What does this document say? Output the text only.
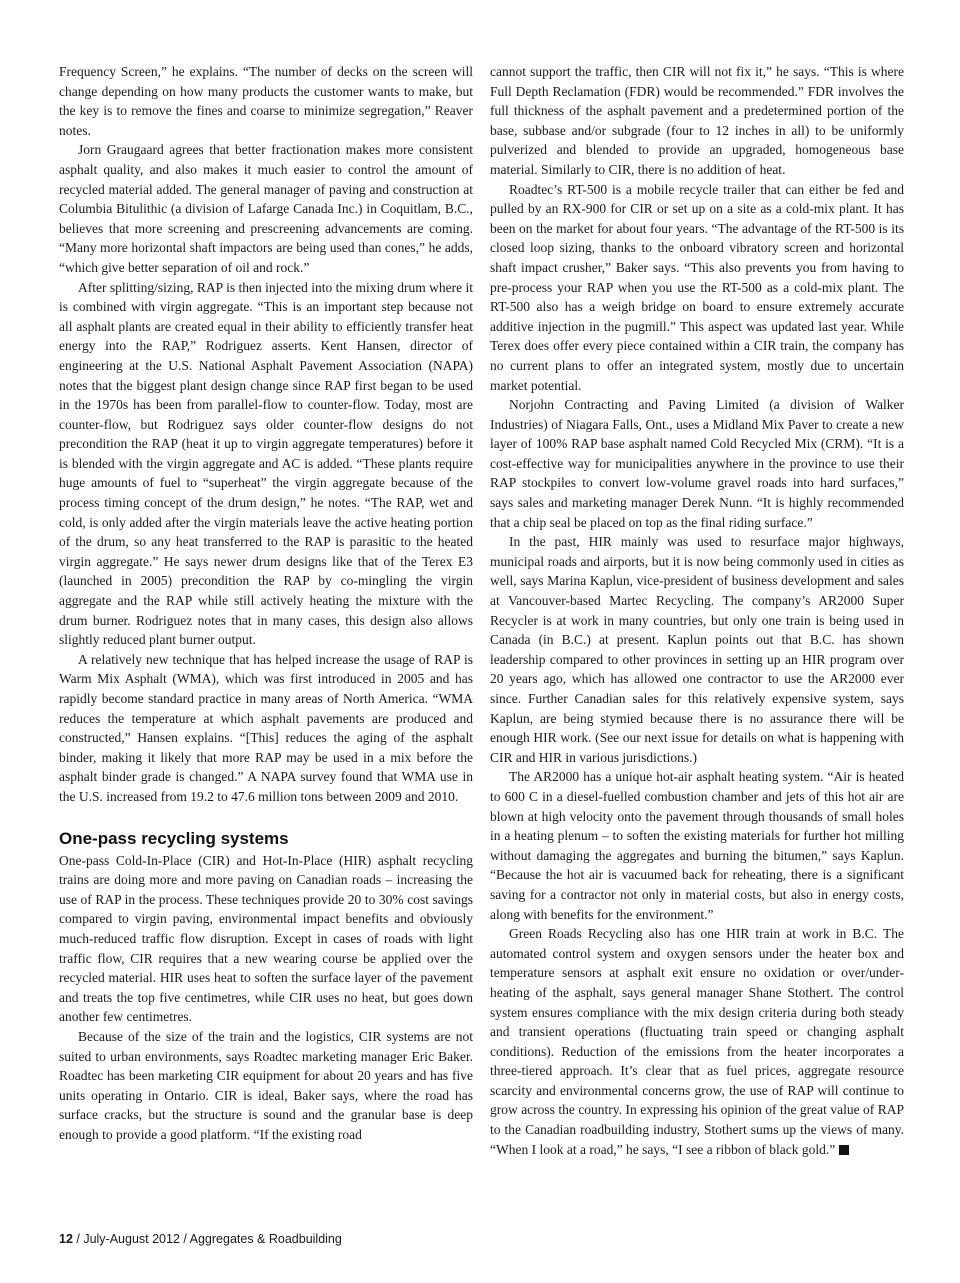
Frequency Screen,” he explains. “The number of decks on the screen will change depending on how many products the customer wants to make, but the key is to remove the fines and coarse to minimize segregation,” Reaver notes.

Jorn Graugaard agrees that better fractionation makes more consistent asphalt quality, and also makes it much easier to control the amount of recycled material added. The general manager of paving and construction at Columbia Bitulithic (a division of Lafarge Canada Inc.) in Coquitlam, B.C., believes that more screening and prescreening advancements are coming. “Many more horizontal shaft impactors are being used than cones,” he adds, “which give better separation of oil and rock.”

After splitting/sizing, RAP is then injected into the mixing drum where it is combined with virgin aggregate. “This is an important step because not all asphalt plants are created equal in their ability to efficiently transfer heat energy into the RAP,” Rodriguez asserts. Kent Hansen, director of engineering at the U.S. National Asphalt Pavement Association (NAPA) notes that the biggest plant design change since RAP first began to be used in the 1970s has been from parallel-flow to counter-flow. Today, most are counter-flow, but Rodriguez says older counter-flow designs do not precondition the RAP (heat it up to virgin aggregate temperatures) before it is blended with the virgin aggregate and AC is added. “These plants require huge amounts of fuel to “superheat” the virgin aggregate because of the process timing concept of the drum design,” he notes. “The RAP, wet and cold, is only added after the virgin materials leave the active heating portion of the drum, so any heat transferred to the RAP is parasitic to the heated virgin aggregate.” He says newer drum designs like that of the Terex E3 (launched in 2005) precondition the RAP by co-mingling the virgin aggregate and the RAP while still actively heating the mixture with the drum burner. Rodriguez notes that in many cases, this design also allows slightly reduced plant burner output.

A relatively new technique that has helped increase the usage of RAP is Warm Mix Asphalt (WMA), which was first introduced in 2005 and has rapidly become standard practice in many areas of North America. “WMA reduces the temperature at which asphalt pavements are produced and constructed,” Hansen explains. “[This] reduces the aging of the asphalt binder, making it likely that more RAP may be used in a mix before the asphalt binder grade is changed.” A NAPA survey found that WMA use in the U.S. increased from 19.2 to 47.6 million tons between 2009 and 2010.

One-pass recycling systems

One-pass Cold-In-Place (CIR) and Hot-In-Place (HIR) asphalt recycling trains are doing more and more paving on Canadian roads – increasing the use of RAP in the process. These techniques provide 20 to 30% cost savings compared to virgin paving, environmental impact benefits and obviously much-reduced traffic flow disruption. Except in cases of roads with light traffic flow, CIR requires that a new wearing course be applied over the recycled material. HIR uses heat to soften the surface layer of the pavement and treats the top five centimetres, while CIR uses no heat, but goes down another few centimetres.

Because of the size of the train and the logistics, CIR systems are not suited to urban environments, says Roadtec marketing manager Eric Baker. Roadtec has been marketing CIR equipment for about 20 years and has five units operating in Ontario. CIR is ideal, Baker says, where the road has surface cracks, but the structure is sound and the granular base is deep enough to provide a good platform. “If the existing road

cannot support the traffic, then CIR will not fix it,” he says. “This is where Full Depth Reclamation (FDR) would be recommended.” FDR involves the full thickness of the asphalt pavement and a predetermined portion of the base, subbase and/or subgrade (four to 12 inches in all) to be uniformly pulverized and blended to provide an upgraded, homogeneous base material. Similarly to CIR, there is no addition of heat.

Roadtec’s RT-500 is a mobile recycle trailer that can either be fed and pulled by an RX-900 for CIR or set up on a site as a cold-mix plant. It has been on the market for about four years. “The advantage of the RT-500 is its closed loop sizing, thanks to the onboard vibratory screen and horizontal shaft impact crusher,” Baker says. “This also prevents you from having to pre-process your RAP when you use the RT-500 as a cold-mix plant. The RT-500 also has a weigh bridge on board to ensure extremely accurate additive injection in the pugmill.” This aspect was updated last year. While Terex does offer every piece contained within a CIR train, the company has no current plans to offer an integrated system, mostly due to uncertain market potential.

Norjohn Contracting and Paving Limited (a division of Walker Industries) of Niagara Falls, Ont., uses a Midland Mix Paver to create a new layer of 100% RAP base asphalt named Cold Recycled Mix (CRM). “It is a cost-effective way for municipalities anywhere in the province to use their RAP stockpiles to convert low-volume gravel roads into hard surfaces,” says sales and marketing manager Derek Nunn. “It is highly recommended that a chip seal be placed on top as the final riding surface.”

In the past, HIR mainly was used to resurface major highways, municipal roads and airports, but it is now being commonly used in cities as well, says Marina Kaplun, vice-president of business development and sales at Vancouver-based Martec Recycling. The company’s AR2000 Super Recycler is at work in many countries, but only one train is being used in Canada (in B.C.) at present. Kaplun points out that B.C. has shown leadership compared to other provinces in setting up an HIR program over 20 years ago, which has allowed one contractor to use the AR2000 ever since. Further Canadian sales for this relatively expensive system, says Kaplun, are being stymied because there is no assurance there will be enough HIR work. (See our next issue for details on what is happening with CIR and HIR in various jurisdictions.)

The AR2000 has a unique hot-air asphalt heating system. “Air is heated to 600 C in a diesel-fuelled combustion chamber and jets of this hot air are blown at high velocity onto the pavement through thousands of small holes in a heating plenum – to soften the existing materials for further hot milling without damaging the aggregates and burning the bitumen,” says Kaplun. “Because the hot air is vacuumed back for reheating, there is a significant saving for a contractor not only in material costs, but also in energy costs, along with benefits for the environment.”

Green Roads Recycling also has one HIR train at work in B.C. The automated control system and oxygen sensors under the heater box and temperature sensors at asphalt exit ensure no oxidation or over/under-heating of the asphalt, says general manager Shane Stothert. The control system ensures compliance with the mix design criteria during both steady and transient operations (fluctuating train speed or changing asphalt conditions). Reduction of the emissions from the heater incorporates a three-tiered approach. It’s clear that as fuel prices, aggregate resource scarcity and environmental concerns grow, the use of RAP will continue to grow across the country. In expressing his opinion of the great value of RAP to the Canadian roadbuilding industry, Stothert sums up the views of many. “When I look at a road,” he says, “I see a ribbon of black gold.”

12 / July-August 2012 / Aggregates & Roadbuilding
